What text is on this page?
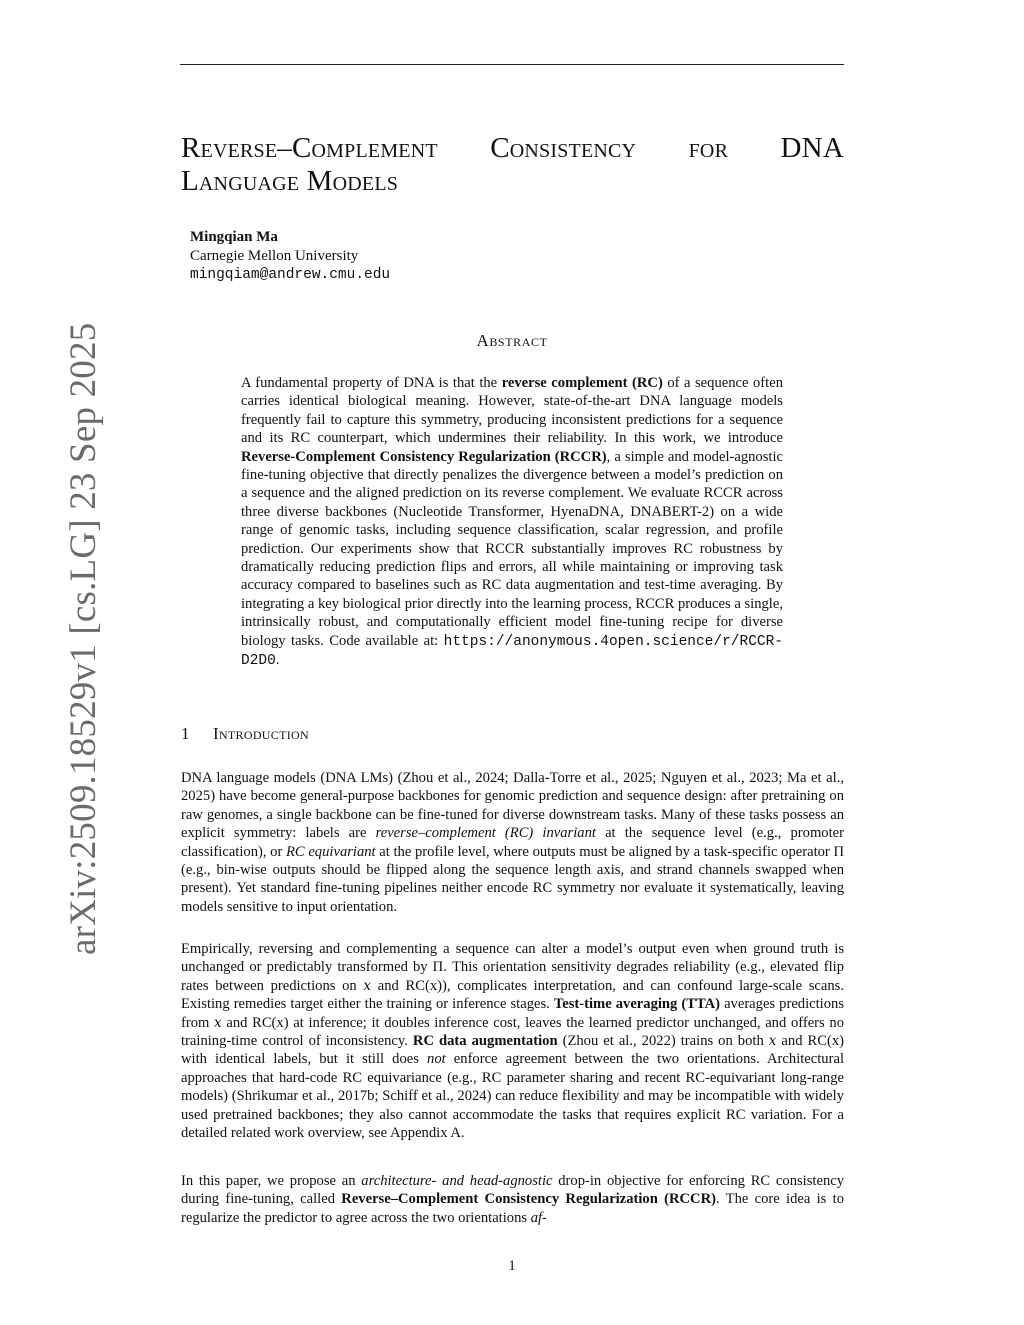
arXiv:2509.18529v1 [cs.LG] 23 Sep 2025
Reverse–Complement Consistency for DNA
Language Models
Mingqian Ma
Carnegie Mellon University
mingqiam@andrew.cmu.edu
Abstract
A fundamental property of DNA is that the reverse complement (RC) of a sequence often carries identical biological meaning. However, state-of-the-art DNA language models frequently fail to capture this symmetry, producing inconsistent predictions for a sequence and its RC counterpart, which undermines their reliability. In this work, we introduce Reverse-Complement Consistency Regularization (RCCR), a simple and model-agnostic fine-tuning objective that directly penalizes the divergence between a model’s prediction on a sequence and the aligned prediction on its reverse complement. We evaluate RCCR across three diverse backbones (Nucleotide Transformer, HyenaDNA, DNABERT-2) on a wide range of genomic tasks, including sequence classification, scalar regression, and profile prediction. Our experiments show that RCCR substantially improves RC robustness by dramatically reducing prediction flips and errors, all while maintaining or improving task accuracy compared to baselines such as RC data augmentation and test-time averaging. By integrating a key biological prior directly into the learning process, RCCR produces a single, intrinsically robust, and computationally efficient model fine-tuning recipe for diverse biology tasks. Code available at: https://anonymous.4open.science/r/RCCR-D2D0.
1 Introduction
DNA language models (DNA LMs) (Zhou et al., 2024; Dalla-Torre et al., 2025; Nguyen et al., 2023; Ma et al., 2025) have become general-purpose backbones for genomic prediction and sequence design: after pretraining on raw genomes, a single backbone can be fine-tuned for diverse downstream tasks. Many of these tasks possess an explicit symmetry: labels are reverse–complement (RC) invariant at the sequence level (e.g., promoter classification), or RC equivariant at the profile level, where outputs must be aligned by a task-specific operator Π (e.g., bin-wise outputs should be flipped along the sequence length axis, and strand channels swapped when present). Yet standard fine-tuning pipelines neither encode RC symmetry nor evaluate it systematically, leaving models sensitive to input orientation.
Empirically, reversing and complementing a sequence can alter a model’s output even when ground truth is unchanged or predictably transformed by Π. This orientation sensitivity degrades reliability (e.g., elevated flip rates between predictions on x and RC(x)), complicates interpretation, and can confound large-scale scans. Existing remedies target either the training or inference stages. Test-time averaging (TTA) averages predictions from x and RC(x) at inference; it doubles inference cost, leaves the learned predictor unchanged, and offers no training-time control of inconsistency. RC data augmentation (Zhou et al., 2022) trains on both x and RC(x) with identical labels, but it still does not enforce agreement between the two orientations. Architectural approaches that hard-code RC equivariance (e.g., RC parameter sharing and recent RC-equivariant long-range models) (Shrikumar et al., 2017b; Schiff et al., 2024) can reduce flexibility and may be incompatible with widely used pretrained backbones; they also cannot accommodate the tasks that requires explicit RC variation. For a detailed related work overview, see Appendix A.
In this paper, we propose an architecture- and head-agnostic drop-in objective for enforcing RC consistency during fine-tuning, called Reverse–Complement Consistency Regularization (RCCR). The core idea is to regularize the predictor to agree across the two orientations af-
1
